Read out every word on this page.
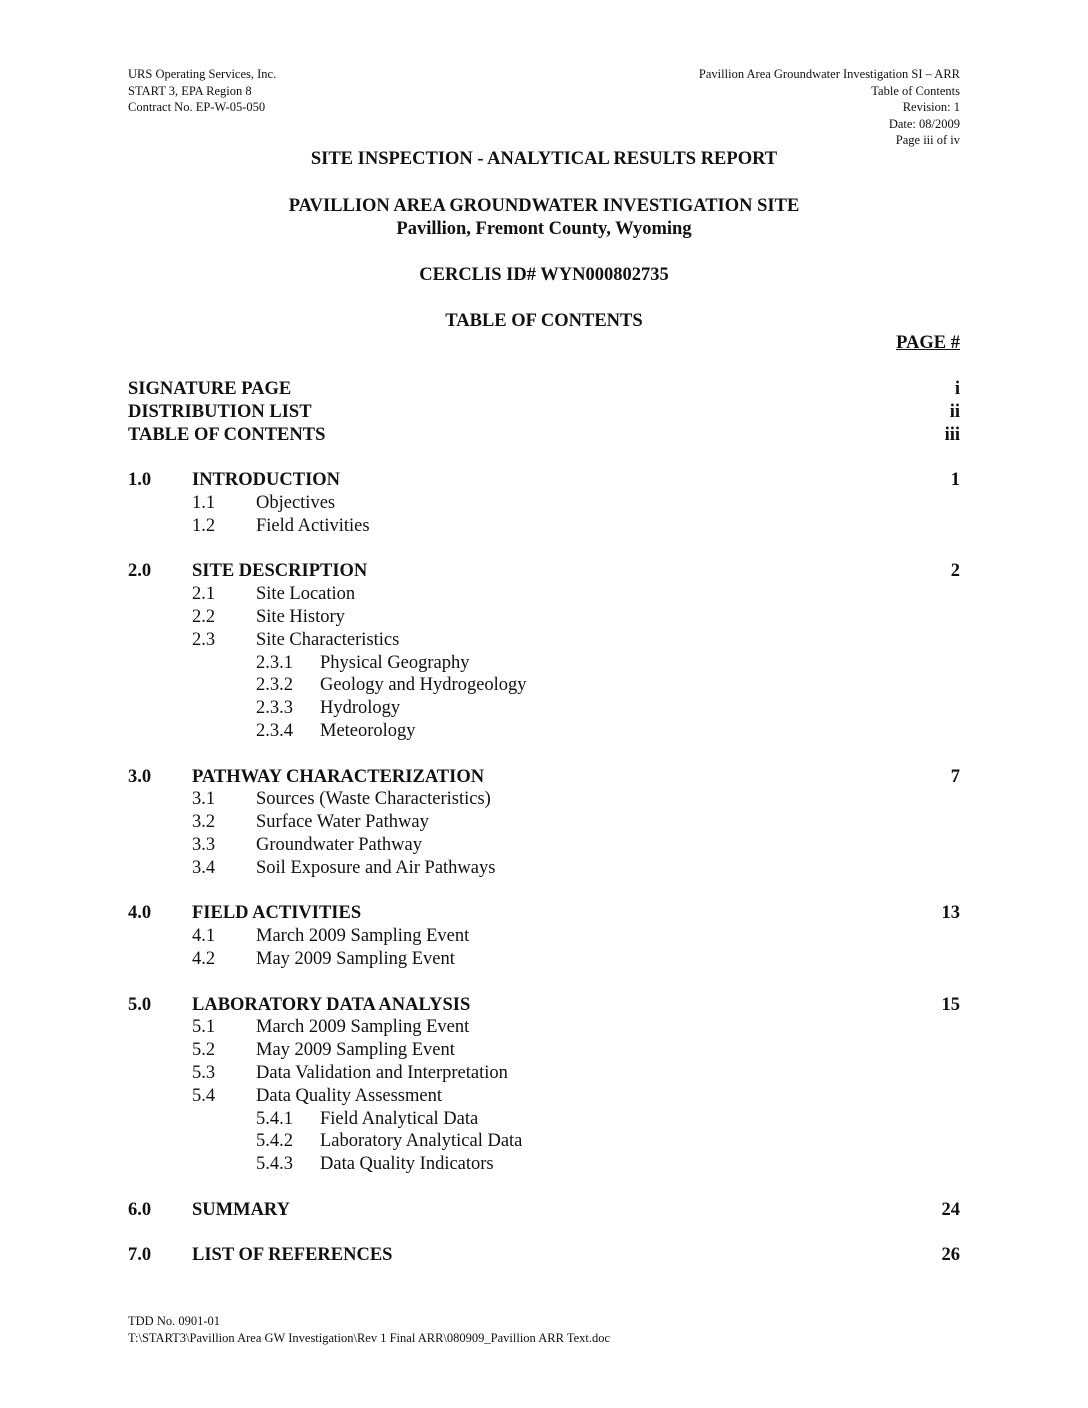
URS Operating Services, Inc.
START 3, EPA Region 8
Contract No. EP-W-05-050
Pavillion Area Groundwater Investigation SI – ARR
Table of Contents
Revision: 1
Date: 08/2009
Page iii of iv
SITE INSPECTION - ANALYTICAL RESULTS REPORT
PAVILLION AREA GROUNDWATER INVESTIGATION SITE
Pavillion, Fremont County, Wyoming
CERCLIS ID# WYN000802735
TABLE OF CONTENTS
PAGE #
SIGNATURE PAGE	i
DISTRIBUTION LIST	ii
TABLE OF CONTENTS	iii
1.0 INTRODUCTION	1
1.1 Objectives
1.2 Field Activities
2.0 SITE DESCRIPTION	2
2.1 Site Location
2.2 Site History
2.3 Site Characteristics
2.3.1 Physical Geography
2.3.2 Geology and Hydrogeology
2.3.3 Hydrology
2.3.4 Meteorology
3.0 PATHWAY CHARACTERIZATION	7
3.1 Sources (Waste Characteristics)
3.2 Surface Water Pathway
3.3 Groundwater Pathway
3.4 Soil Exposure and Air Pathways
4.0 FIELD ACTIVITIES	13
4.1 March 2009 Sampling Event
4.2 May 2009 Sampling Event
5.0 LABORATORY DATA ANALYSIS	15
5.1 March 2009 Sampling Event
5.2 May 2009 Sampling Event
5.3 Data Validation and Interpretation
5.4 Data Quality Assessment
5.4.1 Field Analytical Data
5.4.2 Laboratory Analytical Data
5.4.3 Data Quality Indicators
6.0 SUMMARY	24
7.0 LIST OF REFERENCES	26
TDD No. 0901-01
T:\START3\Pavillion Area GW Investigation\Rev 1 Final ARR\080909_Pavillion ARR Text.doc
